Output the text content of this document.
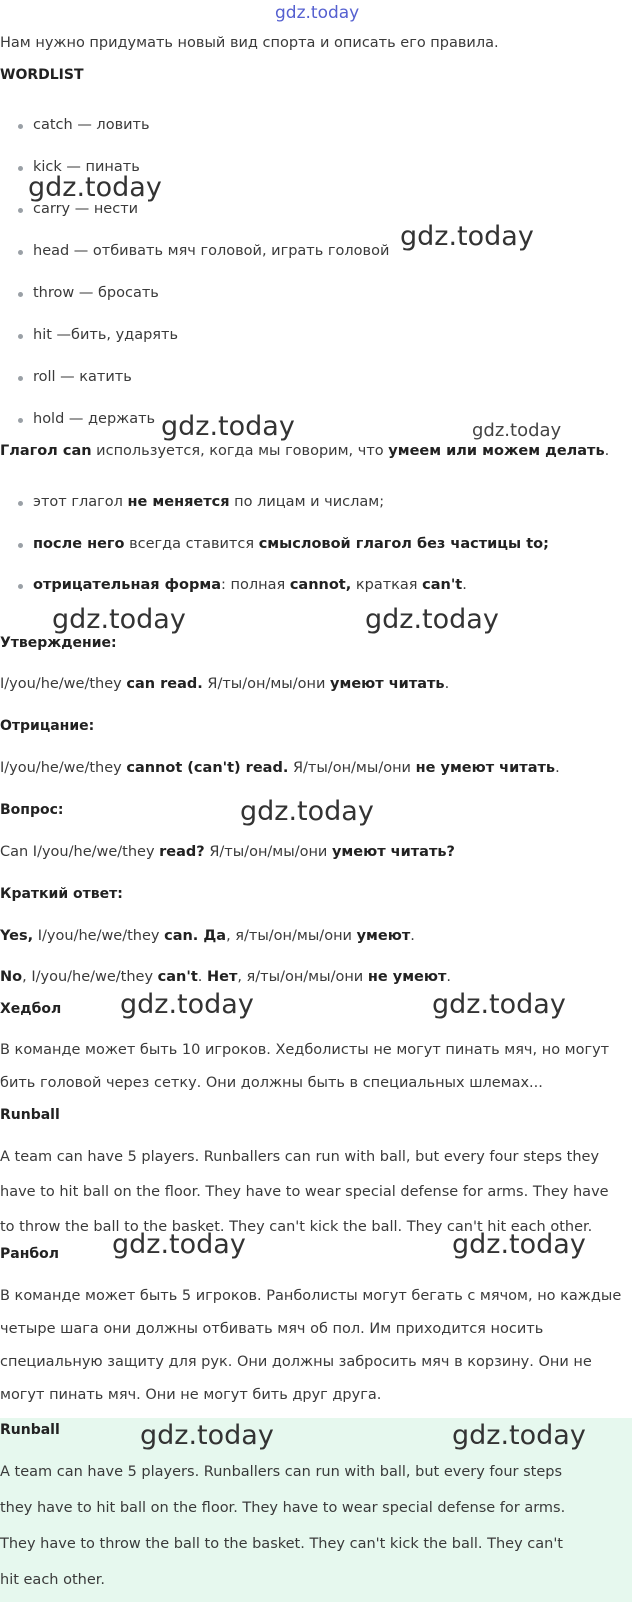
gdz.today
Нам нужно придумать новый вид спорта и описать его правила.
WORDLIST
catch — ловить
kick — пинать
carry — нести
head — отбивать мяч головой, играть головой
throw — бросать
hit —бить, ударять
roll — катить
hold — держать
Глагол can используется, когда мы говорим, что умеем или можем делать.
этот глагол не меняется по лицам и числам;
после него всегда ставится смысловой глагол без частицы to;
отрицательная форма: полная cannot, краткая can't.
Утверждение:
I/you/he/we/they can read. Я/ты/он/мы/они умеют читать.
Отрицание:
I/you/he/we/they cannot (can't) read. Я/ты/он/мы/они не умеют читать.
Вопрос:
Can I/you/he/we/they read? Я/ты/он/мы/они умеют читать?
Краткий ответ:
Yes, I/you/he/we/they can. Да, я/ты/он/мы/они умеют.
No, I/you/he/we/they can't. Нет, я/ты/он/мы/они не умеют.
Хедбол
В команде может быть 10 игроков. Хедболисты не могут пинать мяч, но могут
бить головой через сетку. Они должны быть в специальных шлемах...
Runball
A team can have 5 players. Runballers can run with ball, but every four steps they
have to hit ball on the floor. They have to wear special defense for arms. They have
to throw the ball to the basket. They can't kick the ball. They can't hit each other.
Ранбол
В команде может быть 5 игроков. Ранболисты могут бегать с мячом, но каждые
четыре шага они должны отбивать мяч об пол. Им приходится носить
специальную защиту для рук. Они должны забросить мяч в корзину. Они не
могут пинать мяч. Они не могут бить друг друга.
Runball
A team can have 5 players. Runballers can run with ball, but every four steps
they have to hit ball on the floor. They have to wear special defense for arms.
They have to throw the ball to the basket. They can't kick the ball. They can't
hit each other.
gdz.today
gdz.today
gdz.today	gdz.today
gdz.today	gdz.today
gdz.today
gdz.today	gdz.today
gdz.today	gdz.today
gdz.today	gdz.today
